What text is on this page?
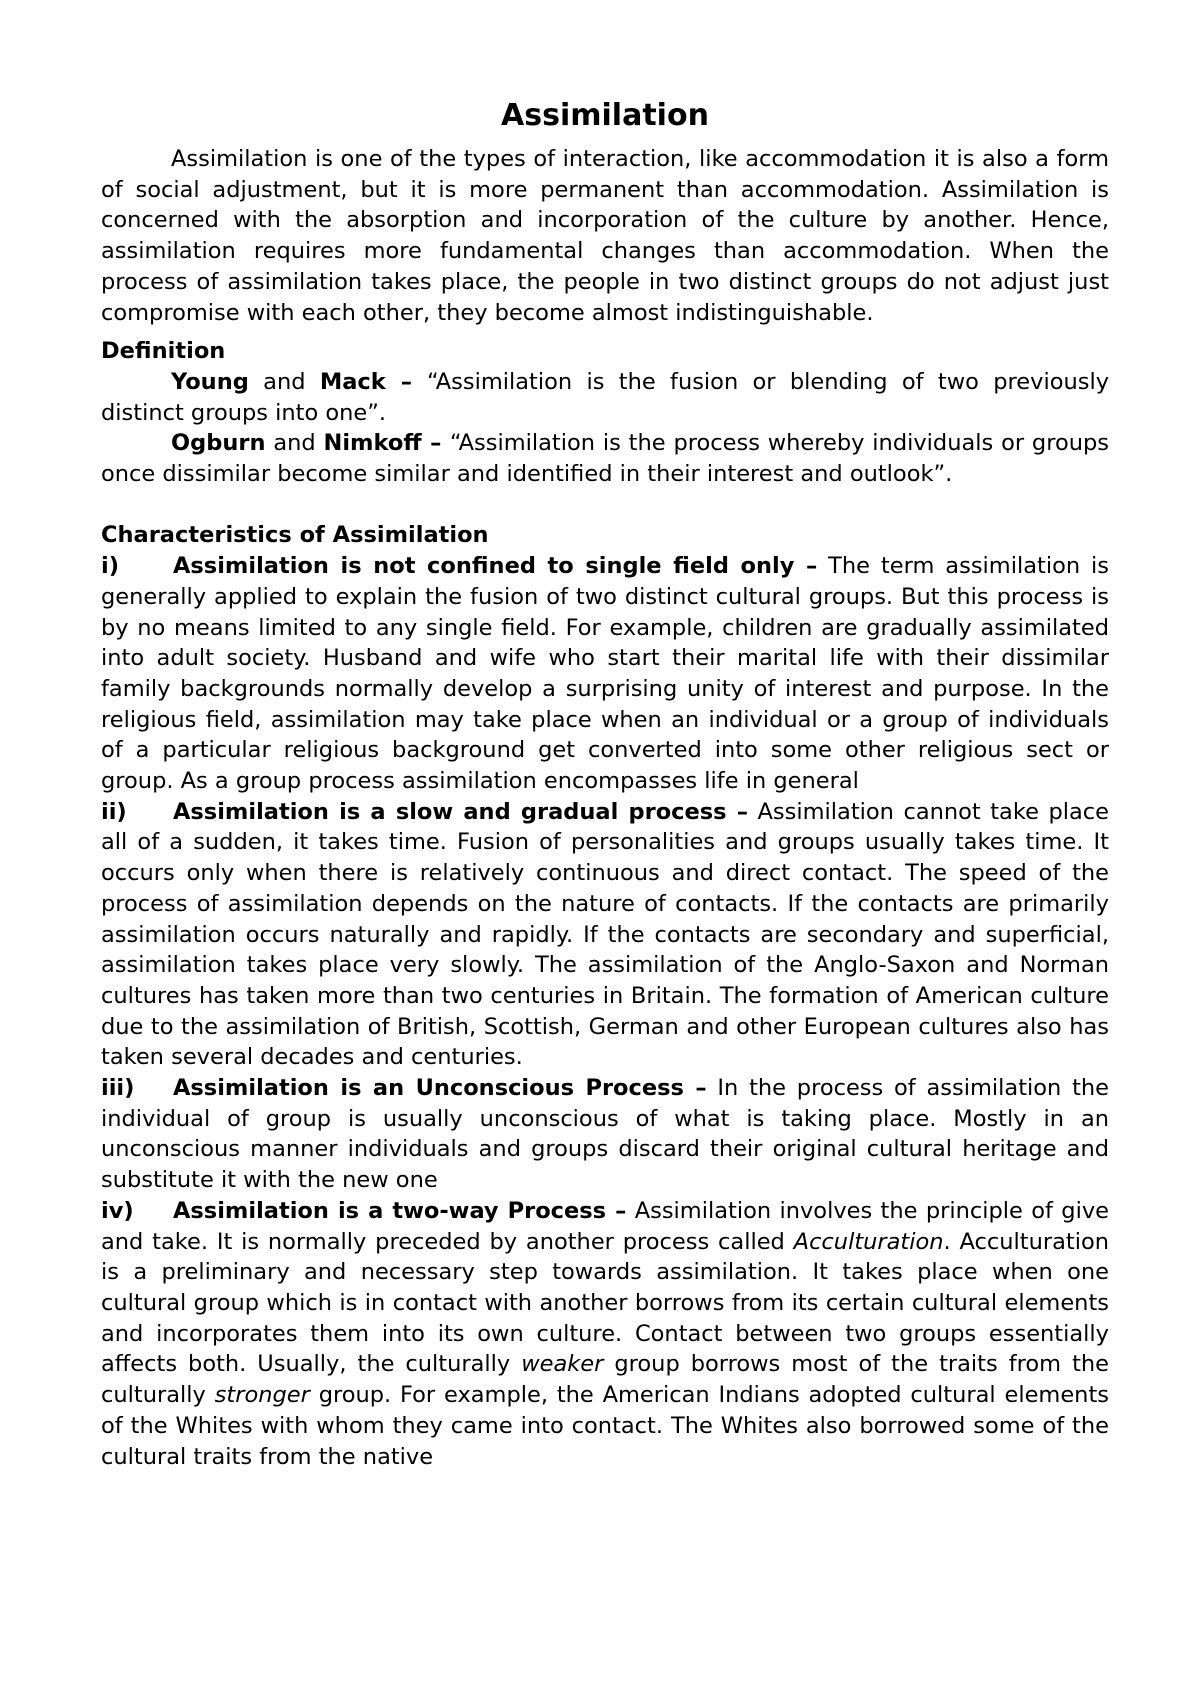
Assimilation

Assimilation is one of the types of interaction, like accommodation it is also a form of social adjustment, but it is more permanent than accommodation. Assimilation is concerned with the absorption and incorporation of the culture by another. Hence, assimilation requires more fundamental changes than accommodation. When the process of assimilation takes place, the people in two distinct groups do not adjust just compromise with each other, they become almost indistinguishable.

Definition

Young and Mack – “Assimilation is the fusion or blending of two previously distinct groups into one”.

Ogburn and Nimkoff – “Assimilation is the process whereby individuals or groups once dissimilar become similar and identified in their interest and outlook”.

Characteristics of Assimilation

i) Assimilation is not confined to single field only – The term assimilation is generally applied to explain the fusion of two distinct cultural groups. But this process is by no means limited to any single field. For example, children are gradually assimilated into adult society. Husband and wife who start their marital life with their dissimilar family backgrounds normally develop a surprising unity of interest and purpose. In the religious field, assimilation may take place when an individual or a group of individuals of a particular religious background get converted into some other religious sect or group. As a group process assimilation encompasses life in general

ii) Assimilation is a slow and gradual process – Assimilation cannot take place all of a sudden, it takes time. Fusion of personalities and groups usually takes time. It occurs only when there is relatively continuous and direct contact. The speed of the process of assimilation depends on the nature of contacts. If the contacts are primarily assimilation occurs naturally and rapidly. If the contacts are secondary and superficial, assimilation takes place very slowly. The assimilation of the Anglo-Saxon and Norman cultures has taken more than two centuries in Britain. The formation of American culture due to the assimilation of British, Scottish, German and other European cultures also has taken several decades and centuries.

iii) Assimilation is an Unconscious Process – In the process of assimilation the individual of group is usually unconscious of what is taking place. Mostly in an unconscious manner individuals and groups discard their original cultural heritage and substitute it with the new one

iv) Assimilation is a two-way Process – Assimilation involves the principle of give and take. It is normally preceded by another process called Acculturation. Acculturation is a preliminary and necessary step towards assimilation. It takes place when one cultural group which is in contact with another borrows from its certain cultural elements and incorporates them into its own culture. Contact between two groups essentially affects both. Usually, the culturally weaker group borrows most of the traits from the culturally stronger group. For example, the American Indians adopted cultural elements of the Whites with whom they came into contact. The Whites also borrowed some of the cultural traits from the native
